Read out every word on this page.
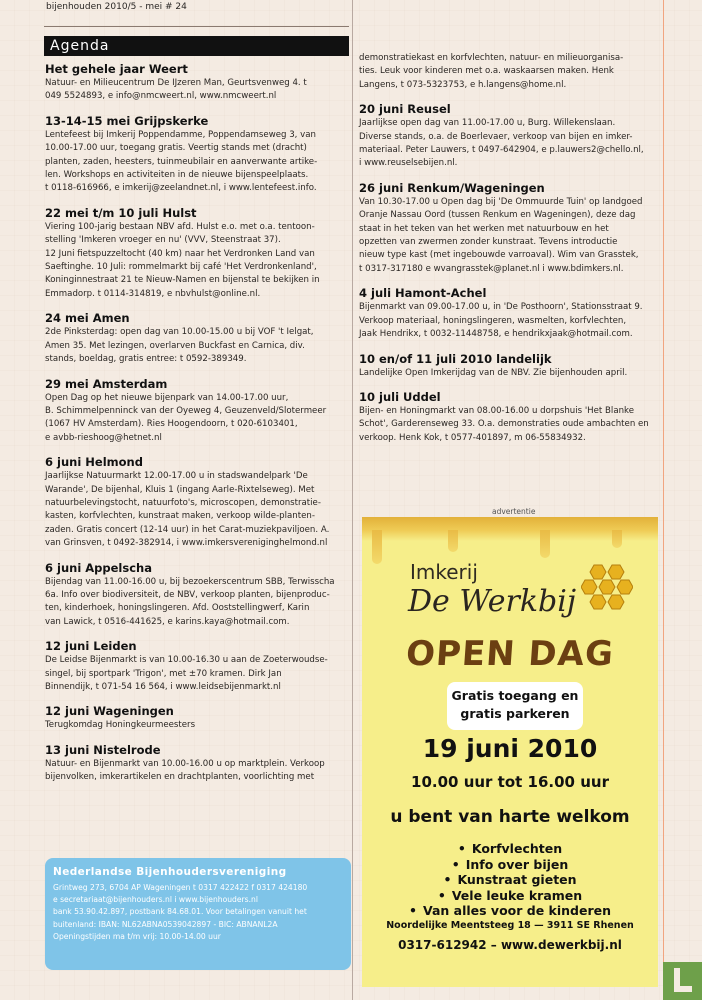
bijenhouden 2010/5 - mei # 24
Agenda
Het gehele jaar Weert
Natuur- en Milieucentrum De IJzeren Man, Geurtsvenweg 4. t
049 5524893, e info@nmcweert.nl, www.nmcweert.nl
13-14-15 mei Grijpskerke
Lentefeest bij Imkerij Poppendamme, Poppendamseweg 3, van
10.00-17.00 uur, toegang gratis. Veertig stands met (dracht)
planten, zaden, heesters, tuinmeubilair en aanverwante artike-
len. Workshops en activiteiten in de nieuwe bijenspeelplaats.
t 0118-616966, e imkerij@zeelandnet.nl, i www.lentefeest.info.
22 mei t/m 10 juli Hulst
Viering 100-jarig bestaan NBV afd. Hulst e.o. met o.a. tentoon-
stelling 'Imkeren vroeger en nu' (VVV, Steenstraat 37).
12 Juni fietspuzzeltocht (40 km) naar het Verdronken Land van
Saeftinghe. 10 Juli: rommelmarkt bij café 'Het Verdronkenland',
Koninginnestraat 21 te Nieuw-Namen en bijenstal te bekijken in
Emmadorp. t 0114-314819, e nbvhulst@online.nl.
24 mei Amen
2de Pinksterdag: open dag van 10.00-15.00 u bij VOF 't Ielgat,
Amen 35. Met lezingen, overlarven Buckfast en Carnica, div.
stands, boeldag, gratis entree: t 0592-389349.
29 mei Amsterdam
Open Dag op het nieuwe bijenpark van 14.00-17.00 uur,
B. Schimmelpenninck van der Oyeweg 4, Geuzenveld/Slotermeer
(1067 HV Amsterdam). Ries Hoogendoorn, t 020-6103401,
e avbb-rieshoog@hetnet.nl
6 juni Helmond
Jaarlijkse Natuurmarkt 12.00-17.00 u in stadswandelpark 'De
Warande', De bijenhal, Kluis 1 (ingang Aarle-Rixtelseweg). Met
natuurbelevingstocht, natuurfoto's, microscopen, demonstratie-
kasten, korfvlechten, kunstraat maken, verkoop wilde-planten-
zaden. Gratis concert (12-14 uur) in het Carat-muziekpaviljoen. A.
van Grinsven, t 0492-382914, i www.imkersvereniginghelmond.nl
6 juni Appelscha
Bijendag van 11.00-16.00 u, bij bezoekerscentrum SBB, Terwisscha
6a. Info over biodiversiteit, de NBV, verkoop planten, bijenproduc-
ten, kinderhoek, honingslingeren. Afd. Ooststellingwerf, Karin
van Lawick, t 0516-441625, e karins.kaya@hotmail.com.
12 juni Leiden
De Leidse Bijenmarkt is van 10.00-16.30 u aan de Zoeterwoudse-
singel, bij sportpark 'Trigon', met ±70 kramen. Dirk Jan
Binnendijk, t 071-54 16 564, i www.leidsebijenmarkt.nl
12 juni Wageningen
Terugkomdag Honingkeurmeesters
13 juni Nistelrode
Natuur- en Bijenmarkt van 10.00-16.00 u op marktplein. Verkoop
bijenvolken, imkerartikelen en drachtplanten, voorlichting met
demonstratiekast en korfvlechten, natuur- en milieuorganisa-
ties. Leuk voor kinderen met o.a. waskaarsen maken. Henk
Langens, t 073-5323753, e h.langens@home.nl.
20 juni Reusel
Jaarlijkse open dag van 11.00-17.00 u, Burg. Willekenslaan.
Diverse stands, o.a. de Boerlevaer, verkoop van bijen en imker-
materiaal. Peter Lauwers, t 0497-642904, e p.lauwers2@chello.nl,
i www.reuselsebijen.nl.
26 juni Renkum/Wageningen
Van 10.30-17.00 u Open dag bij 'De Ommuurde Tuin' op landgoed
Oranje Nassau Oord (tussen Renkum en Wageningen), deze dag
staat in het teken van het werken met natuurbouw en het
opzetten van zwermen zonder kunstraat. Tevens introductie
nieuw type kast (met ingebouwde varroaval). Wim van Grasstek,
t 0317-317180 e wvangrasstek@planet.nl i www.bdimkers.nl.
4 juli Hamont-Achel
Bijenmarkt van 09.00-17.00 u, in 'De Posthoorn', Stationsstraat 9.
Verkoop materiaal, honingslingeren, wasmelten, korfvlechten,
Jaak Hendrikx, t 0032-11448758, e hendrikxjaak@hotmail.com.
10 en/of 11 juli 2010 landelijk
Landelijke Open Imkerijdag van de NBV. Zie bijenhouden april.
10 juli Uddel
Bijen- en Honingmarkt van 08.00-16.00 u dorpshuis 'Het Blanke
Schot', Garderenseweg 33. O.a. demonstraties oude ambachten en
verkoop. Henk Kok, t 0577-401897, m 06-55834932.
advertentie
Imkerij
De Werkbij
OPEN DAG
Gratis toegang en
gratis parkeren
19 juni 2010
10.00 uur tot 16.00 uur
u bent van harte welkom
• Korfvlechten
• Info over bijen
• Kunstraat gieten
• Vele leuke kramen
• Van alles voor de kinderen
Noordelijke Meentsteeg 18 — 3911 SE Rhenen
0317-612942 – www.dewerkbij.nl
Nederlandse Bijenhoudersvereniging
Grintweg 273, 6704 AP Wageningen t 0317 422422 f 0317 424180
e secretariaat@bijenhouders.nl i www.bijenhouders.nl
bank 53.90.42.897, postbank 84.68.01. Voor betalingen vanuit het
buitenland: IBAN: NL62ABNA0539042897 - BIC: ABNANL2A
Openingstijden ma t/m vrij: 10.00-14.00 uur
